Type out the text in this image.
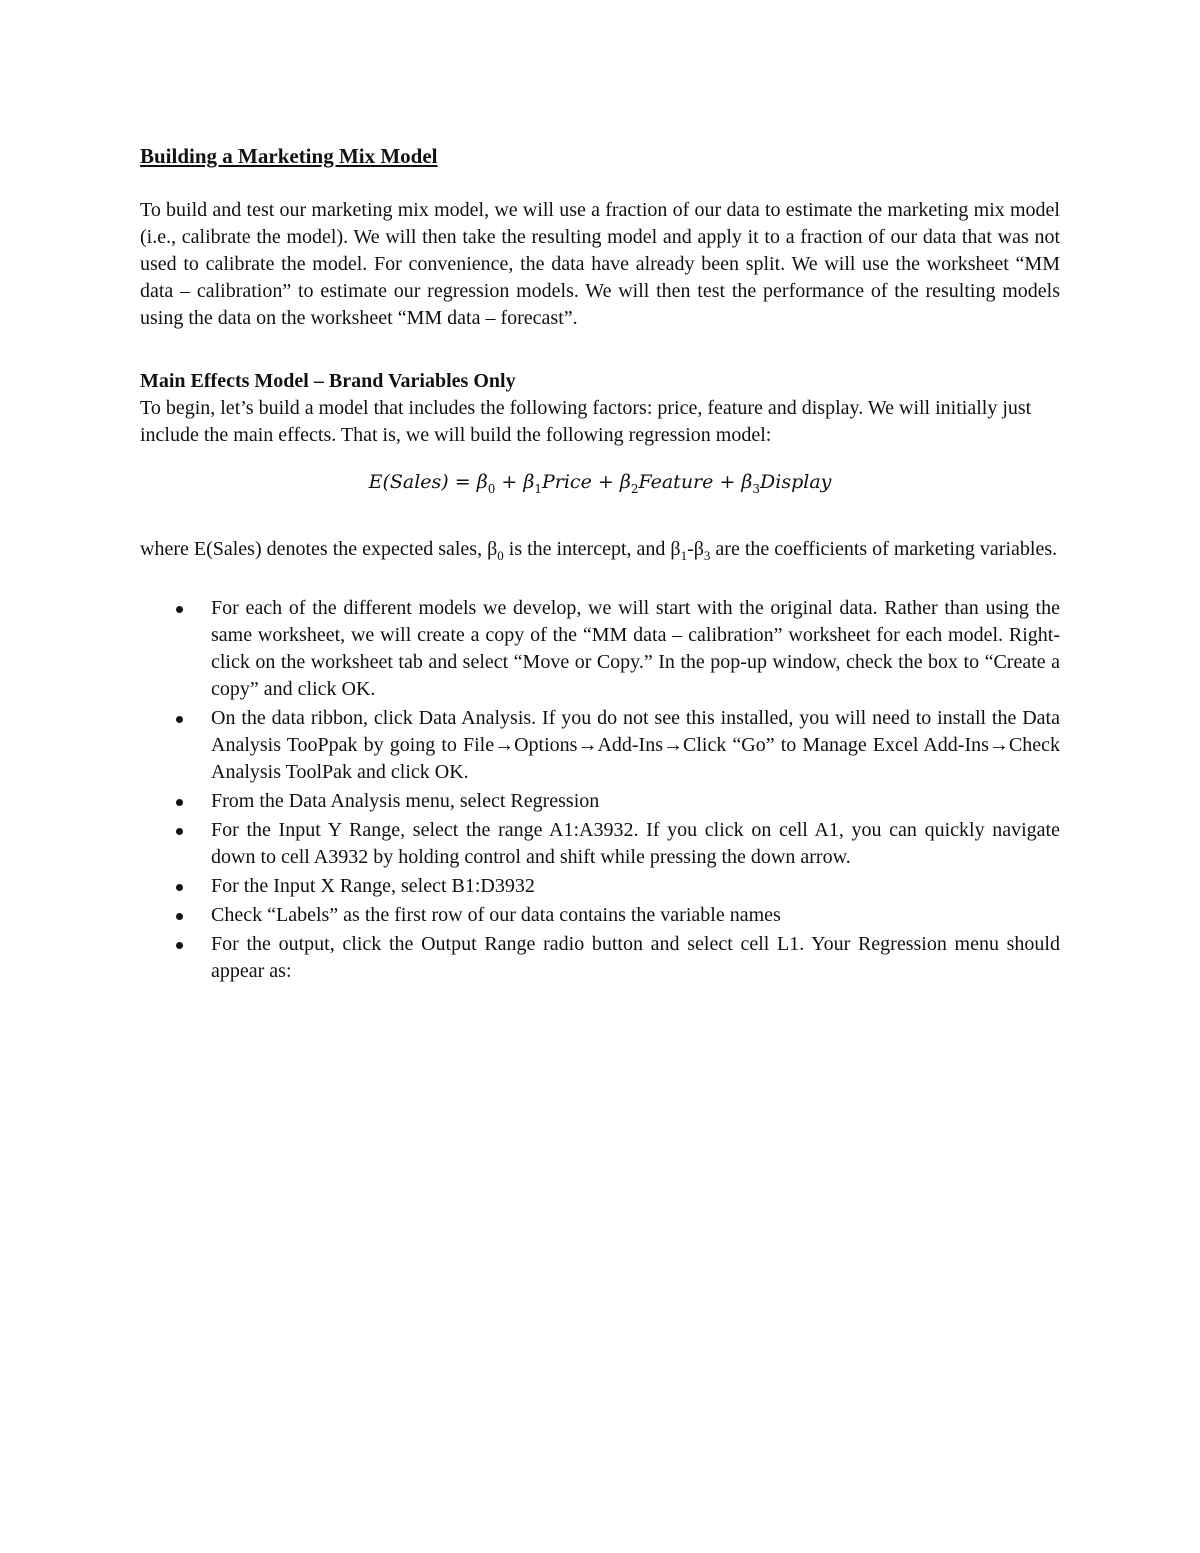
Building a Marketing Mix Model

To build and test our marketing mix model, we will use a fraction of our data to estimate the marketing mix model (i.e., calibrate the model). We will then take the resulting model and apply it to a fraction of our data that was not used to calibrate the model. For convenience, the data have already been split. We will use the worksheet “MM data – calibration” to estimate our regression models. We will then test the performance of the resulting models using the data on the worksheet “MM data – forecast”.

Main Effects Model – Brand Variables Only

To begin, let’s build a model that includes the following factors: price, feature and display. We will initially just include the main effects. That is, we will build the following regression model:

E(Sales) = $\beta_0$ + $\beta_1Price$ + $\beta_2Feature$ + $\beta_3Display$

where E(Sales) denotes the expected sales, $\beta_0$ is the intercept, and $\beta_1-\beta_3$ are the coefficients of marketing variables.

For each of the different models we develop, we will start with the original data. Rather than using the same worksheet, we will create a copy of the “MM data – calibration” worksheet for each model. Right-click on the worksheet tab and select “Move or Copy.” In the pop-up window, check the box to “Create a copy” and click OK.
On the data ribbon, click Data Analysis. If you do not see this installed, you will need to install the Data Analysis TooPpak by going to File→Options→Add-Ins→Click “Go” to Manage Excel Add-Ins→Check Analysis ToolPak and click OK.
From the Data Analysis menu, select Regression
For the Input Y Range, select the range A1:A3932. If you click on cell A1, you can quickly navigate down to cell A3932 by holding control and shift while pressing the down arrow.
For the Input X Range, select B1:D3932
Check “Labels” as the first row of our data contains the variable names
For the output, click the Output Range radio button and select cell L1. Your Regression menu should appear as:
